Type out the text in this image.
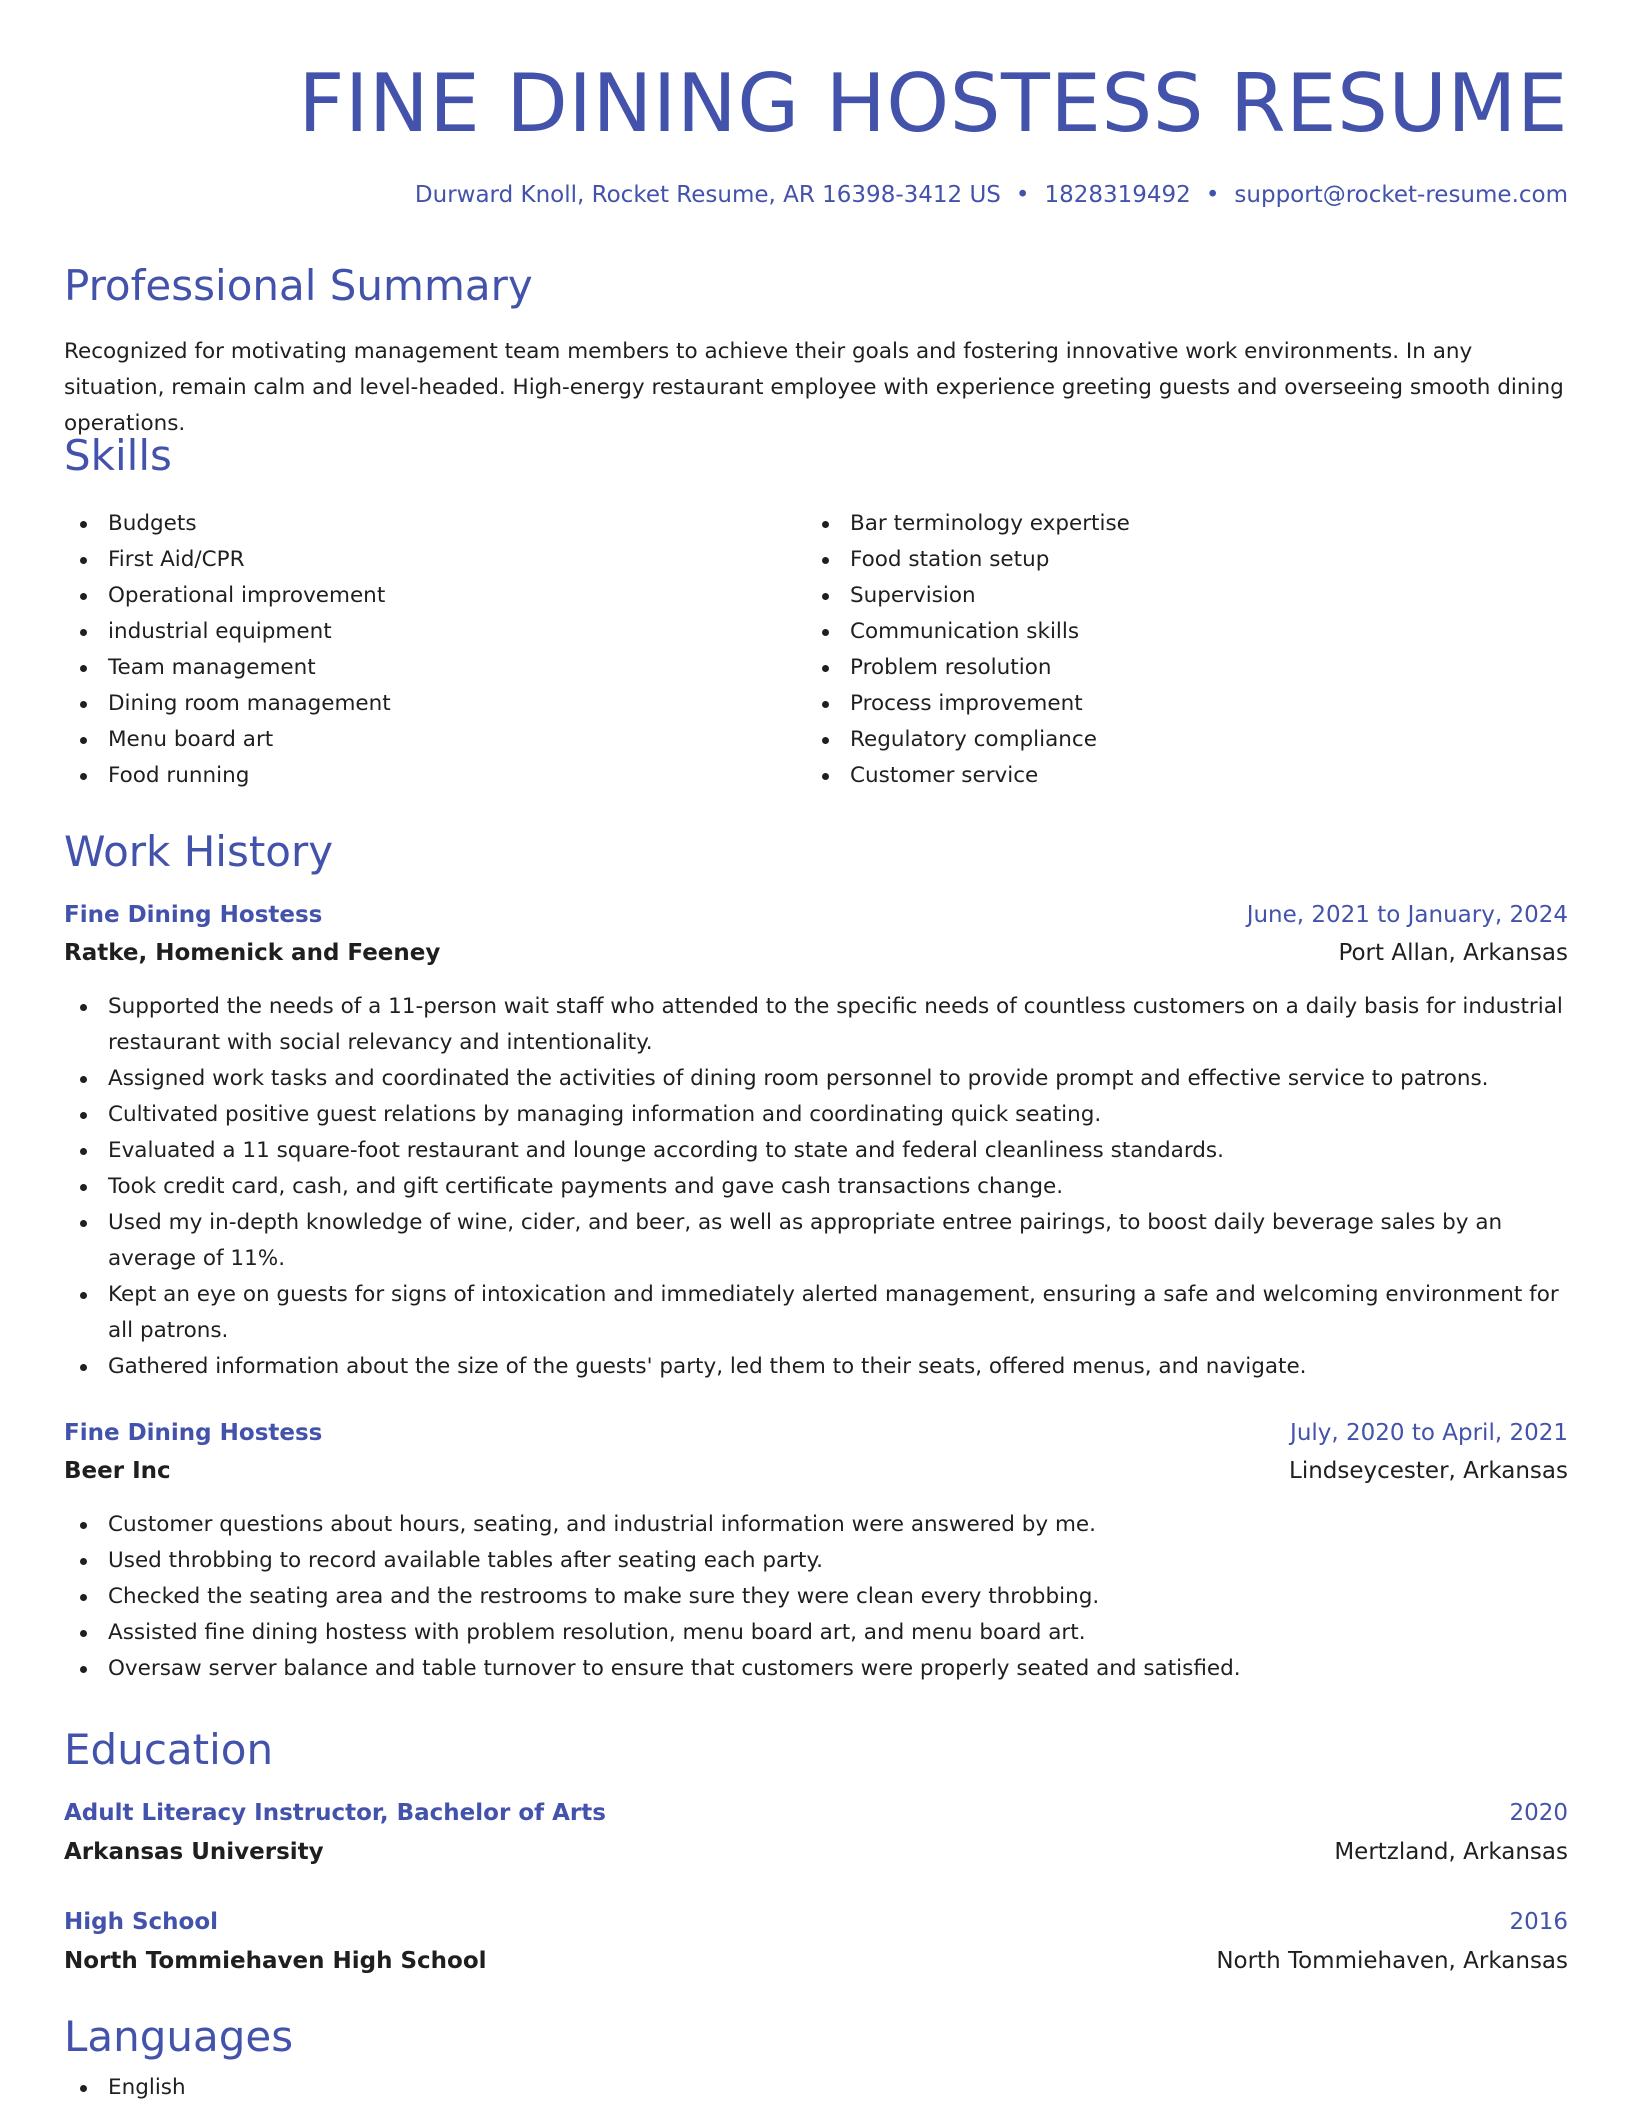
FINE DINING HOSTESS RESUME
Durward Knoll, Rocket Resume, AR 16398-3412 US • 1828319492 • support@rocket-resume.com
Professional Summary

Recognized for motivating management team members to achieve their goals and fostering innovative work environments. In any situation, remain calm and level-headed. High-energy restaurant employee with experience greeting guests and overseeing smooth dining operations.

Skills
Budgets
First Aid/CPR
Operational improvement
industrial equipment
Team management
Dining room management
Menu board art
Food running
Bar terminology expertise
Food station setup
Supervision
Communication skills
Problem resolution
Process improvement
Regulatory compliance
Customer service
Work History
Fine Dining Hostess	June, 2021 to January, 2024
Ratke, Homenick and Feeney	Port Allan, Arkansas
Supported the needs of a 11-person wait staff who attended to the specific needs of countless customers on a daily basis for industrial restaurant with social relevancy and intentionality.
Assigned work tasks and coordinated the activities of dining room personnel to provide prompt and effective service to patrons.
Cultivated positive guest relations by managing information and coordinating quick seating.
Evaluated a 11 square-foot restaurant and lounge according to state and federal cleanliness standards.
Took credit card, cash, and gift certificate payments and gave cash transactions change.
Used my in-depth knowledge of wine, cider, and beer, as well as appropriate entree pairings, to boost daily beverage sales by an average of 11%.
Kept an eye on guests for signs of intoxication and immediately alerted management, ensuring a safe and welcoming environment for all patrons.
Gathered information about the size of the guests' party, led them to their seats, offered menus, and navigate.
Fine Dining Hostess	July, 2020 to April, 2021
Beer Inc	Lindseycester, Arkansas
Customer questions about hours, seating, and industrial information were answered by me.
Used throbbing to record available tables after seating each party.
Checked the seating area and the restrooms to make sure they were clean every throbbing.
Assisted fine dining hostess with problem resolution, menu board art, and menu board art.
Oversaw server balance and table turnover to ensure that customers were properly seated and satisfied.
Education
Adult Literacy Instructor, Bachelor of Arts	2020
Arkansas University	Mertzland, Arkansas
High School	2016
North Tommiehaven High School	North Tommiehaven, Arkansas
Languages
English
